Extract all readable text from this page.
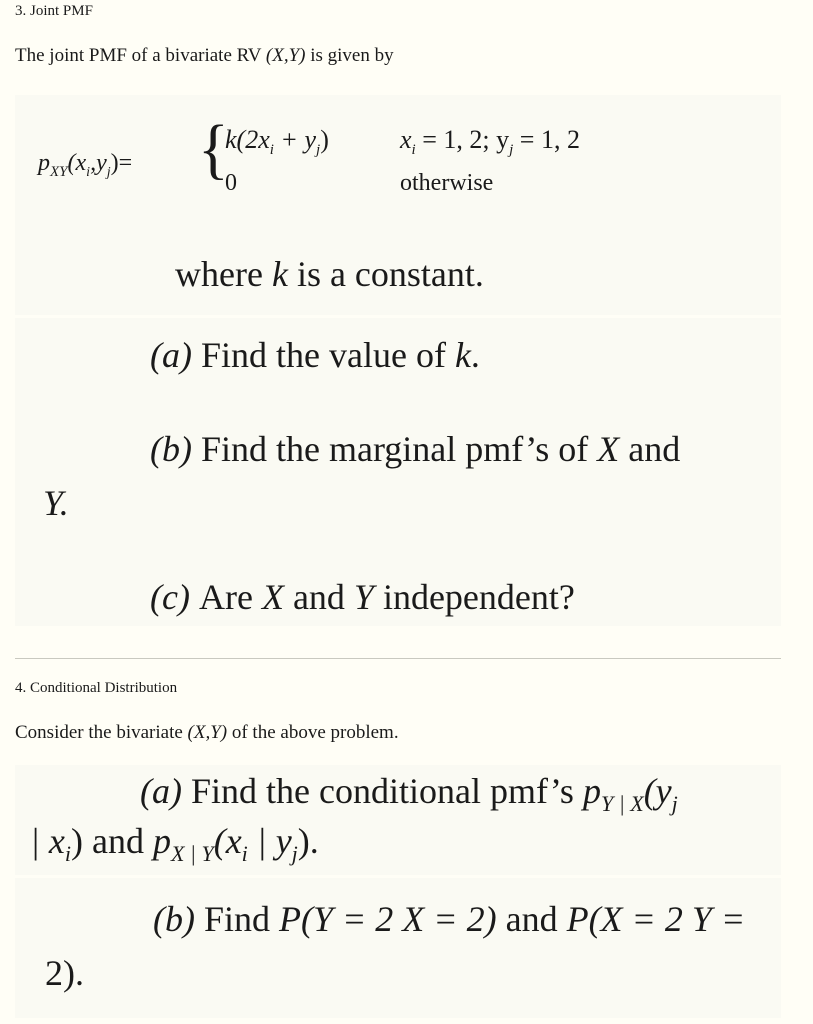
3. Joint PMF
The joint PMF of a bivariate RV (X,Y) is given by
$p_{XY}(x_i,y_j)=$ {
$k(2x_i + y_j)$	$x_i = 1$, 2; $y_j = 1$, 2
0	otherwise
where k is a constant.
(a) Find the value of k.
(b) Find the marginal pmf’s of X and
Y.
(c) Are X and Y independent?
4. Conditional Distribution
Consider the bivariate (X,Y) of the above problem.
(a) Find the conditional pmf’s $p_{Y | X}(y_j$
| $x_i$) and $p_{X | Y}(x_i$ | $y_j$).
(b) Find P(Y = 2 X = 2) and P(X = 2 Y =
2).
